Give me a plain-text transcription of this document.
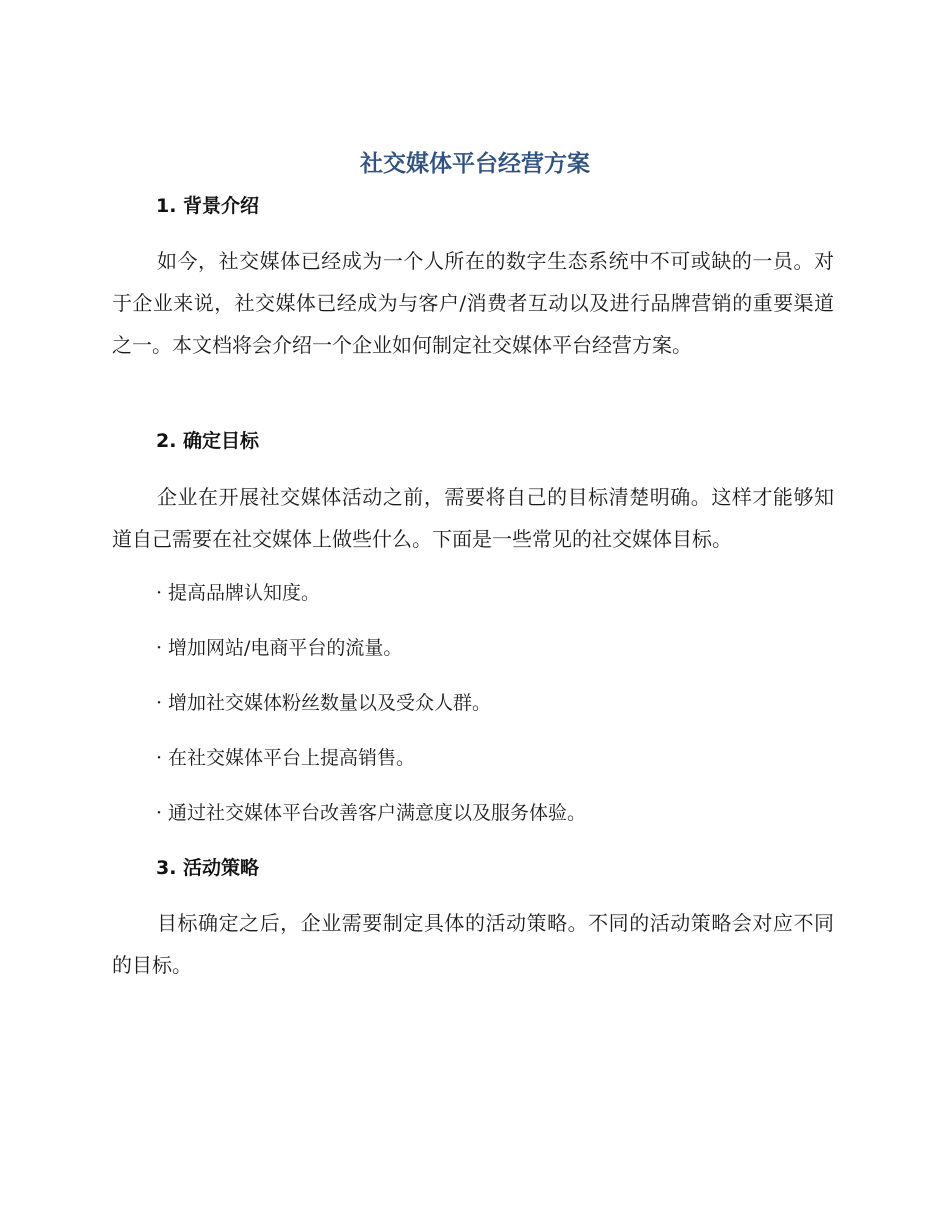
社交媒体平台经营方案
1. 背景介绍

如今，社交媒体已经成为一个人所在的数字生态系统中不可或缺的一员。对于企业来说，社交媒体已经成为与客户/消费者互动以及进行品牌营销的重要渠道之一。本文档将会介绍一个企业如何制定社交媒体平台经营方案。

2. 确定目标

企业在开展社交媒体活动之前，需要将自己的目标清楚明确。这样才能够知道自己需要在社交媒体上做些什么。下面是一些常见的社交媒体目标。

· 提高品牌认知度。
· 增加网站/电商平台的流量。
· 增加社交媒体粉丝数量以及受众人群。
· 在社交媒体平台上提高销售。
· 通过社交媒体平台改善客户满意度以及服务体验。
3. 活动策略

目标确定之后，企业需要制定具体的活动策略。不同的活动策略会对应不同的目标。
